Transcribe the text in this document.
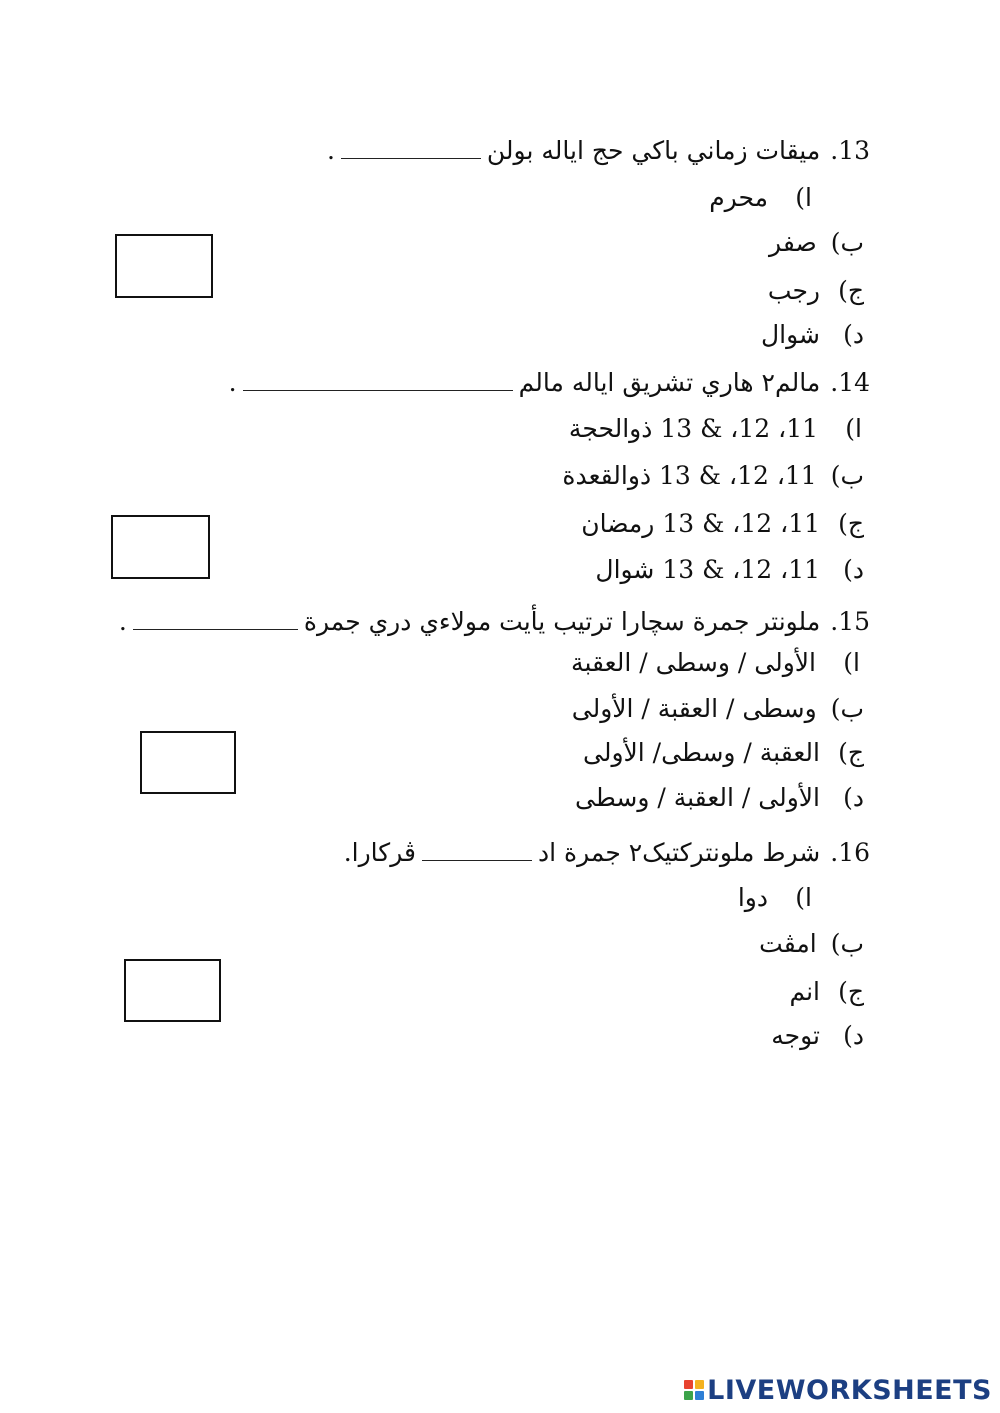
13.ميقات زماني باکي حج اياله بولن.
ا)محرم
ب)صفر
ج)رجب
د)شوال
14.مالم٢ هاري تشريق اياله مالم.
ا)11، 12، & 13 ذوالحجة
ب)11، 12، & 13 ذوالقعدة
ج)11، 12، & 13 رمضان
د)11، 12، & 13 شوال
15.ملونتر جمرة سچارا ترتيب يأيت مولاءي دري جمرة.
ا)الأولى / وسطى / العقبة
ب)وسطى / العقبة / الأولى
ج)العقبة / وسطى/ الأولى
د)الأولى / العقبة / وسطى
16.شرط ملونترکتيک٢ جمرة ادڤرکارا.
ا)دوا
ب)امڤت
ج)انم
د)توجه
LIVEWORKSHEETS
